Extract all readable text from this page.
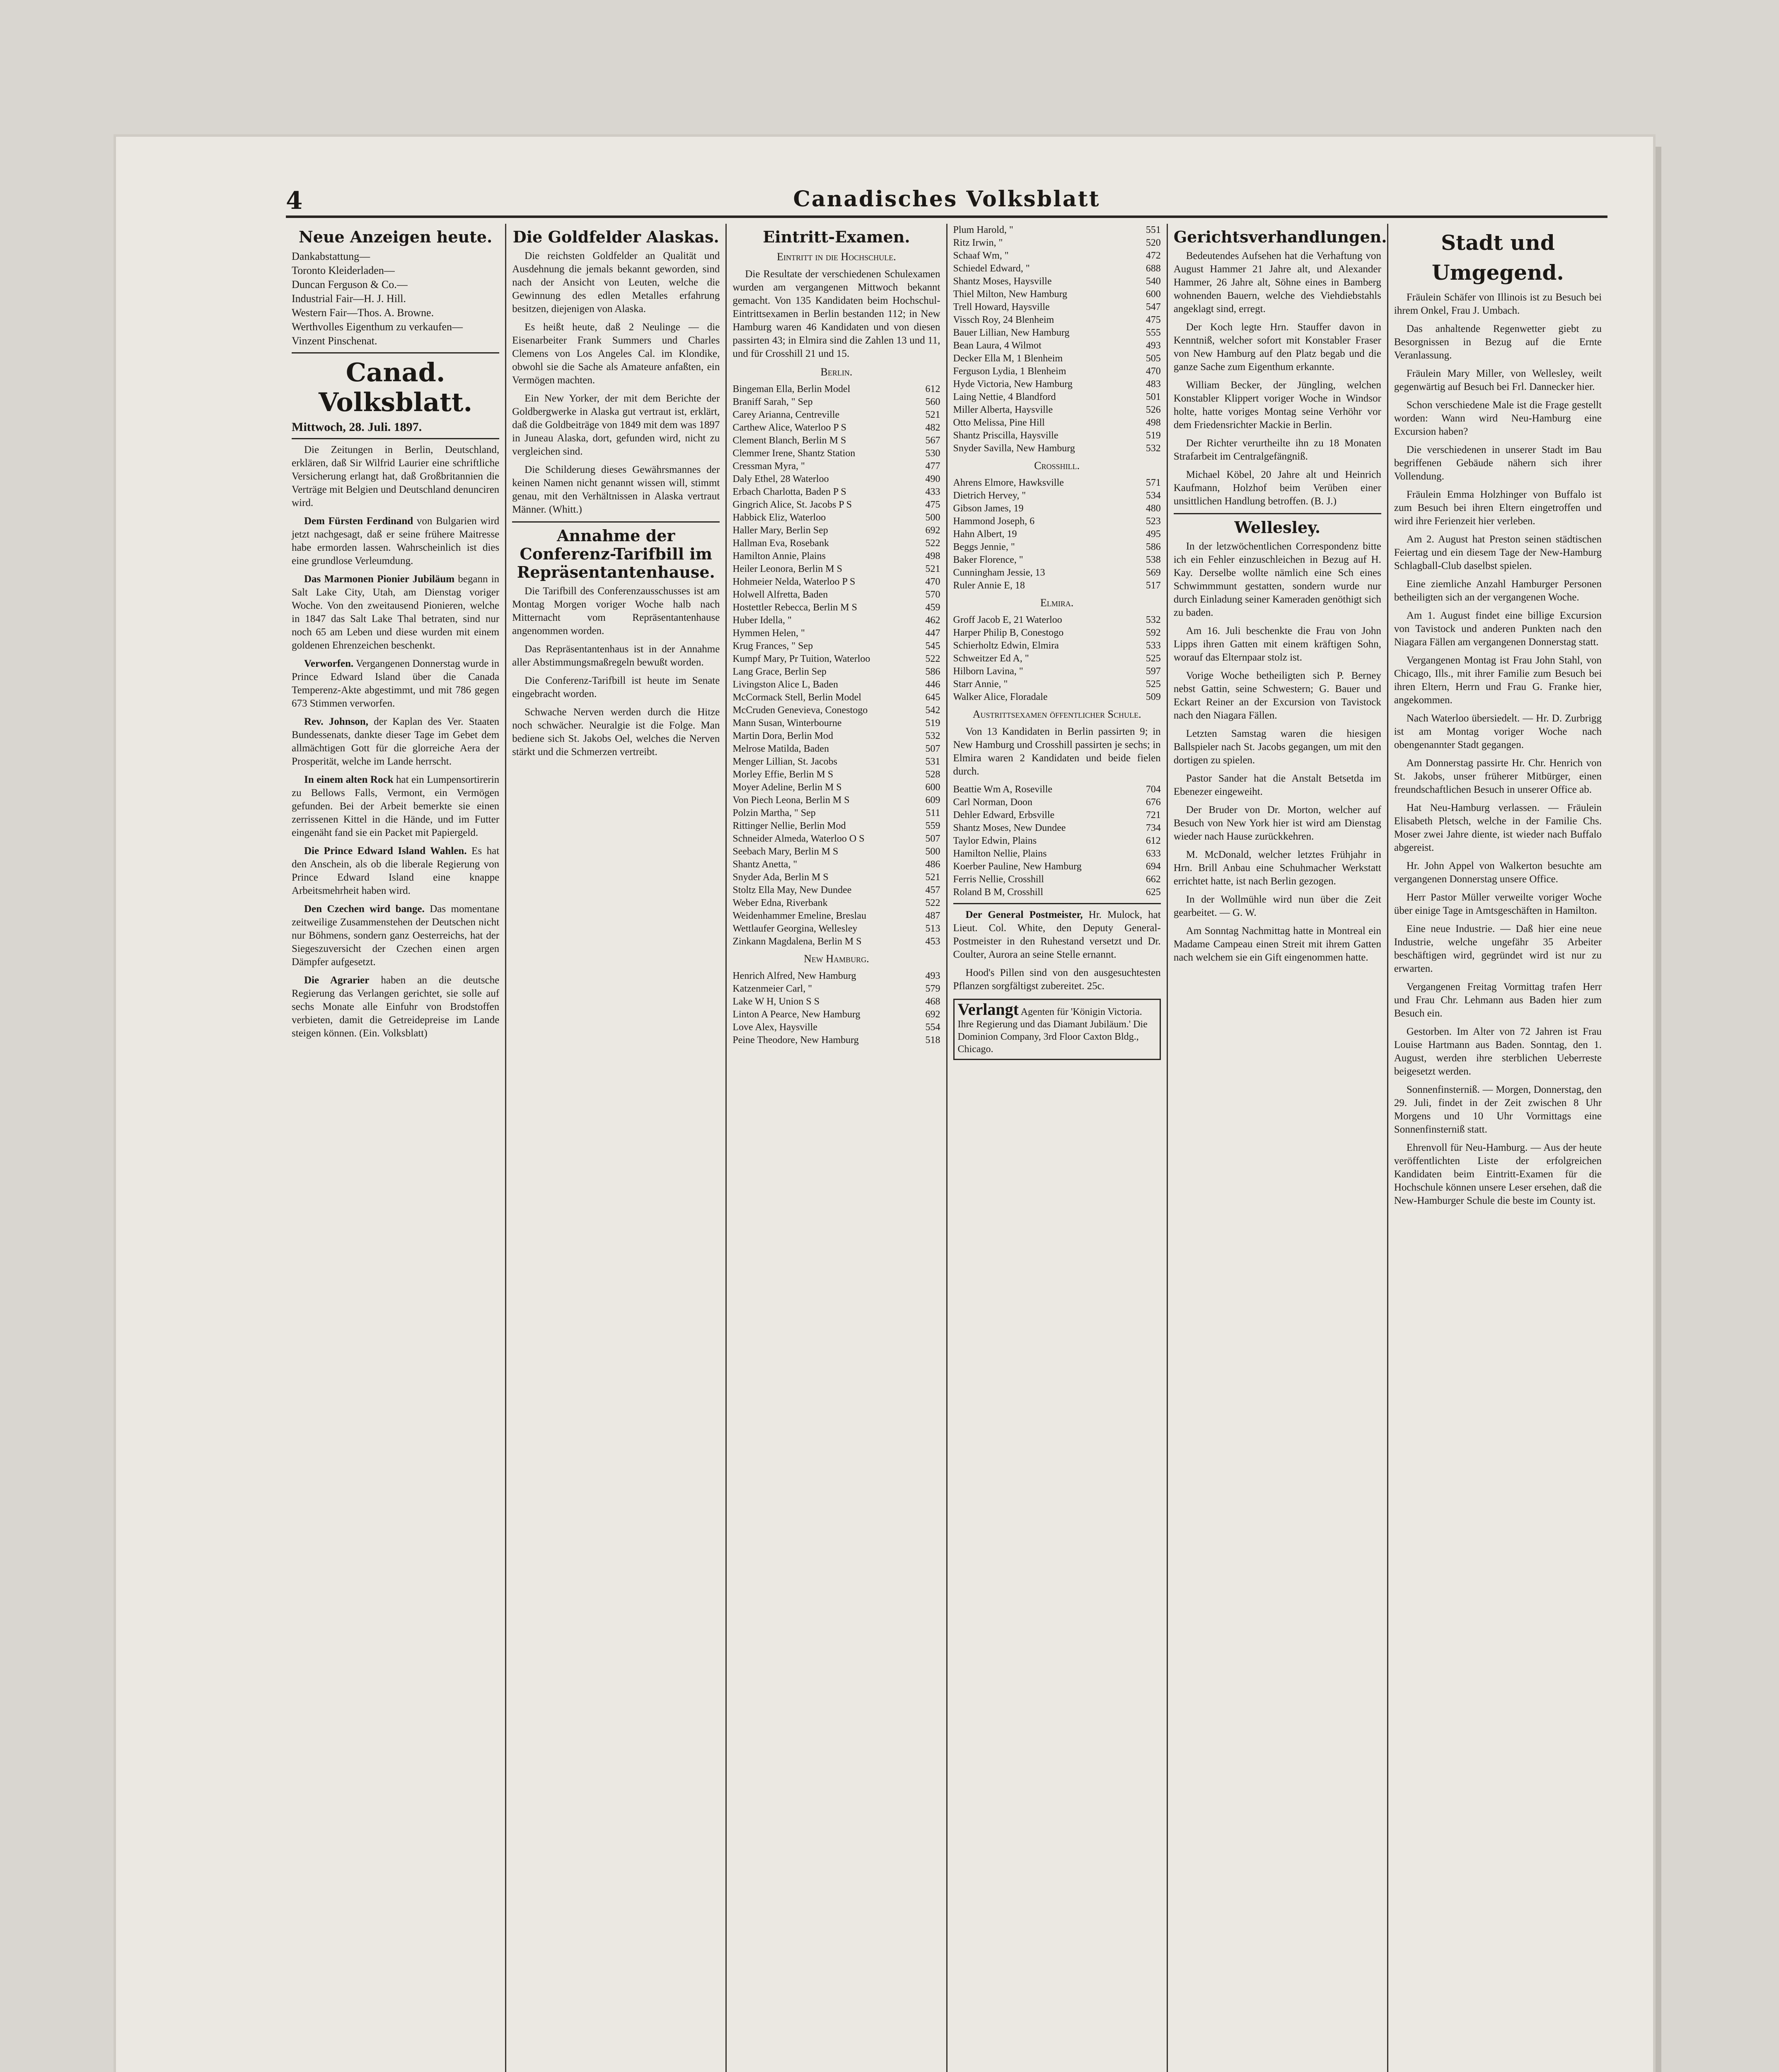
4	Canadisches Volksblatt
Neue Anzeigen heute.
Dankabstattung—
Toronto Kleiderladen—
Duncan Ferguson & Co.—
Industrial Fair—H. J. Hill.
Western Fair—Thos. A. Browne.
Werthvolles Eigenthum zu verkaufen—
Vinzent Pinschenat.
Canad. Volksblatt.
Mittwoch, 28. Juli. 1897.

Die Zeitungen in Berlin, Deutschland, erklären, daß Sir Wilfrid Laurier eine schriftliche Versicherung erlangt hat, daß Großbritannien die Verträge mit Belgien und Deutschland denunciren wird.

Dem Fürsten Ferdinand von Bulgarien wird jetzt nachgesagt, daß er seine frühere Maitresse habe ermorden lassen. Wahrscheinlich ist dies eine grundlose Verleumdung.

Das Marmonen Pionier Jubiläum begann in Salt Lake City, Utah, am Dienstag voriger Woche. Von den zweitausend Pionieren, welche in 1847 das Salt Lake Thal betraten, sind nur noch 65 am Leben und diese wurden mit einem goldenen Ehrenzeichen beschenkt.

Verworfen. Vergangenen Donnerstag wurde in Prince Edward Island über die Canada Temperenz-Akte abgestimmt, und mit 786 gegen 673 Stimmen verworfen.

Rev. Johnson, der Kaplan des Ver. Staaten Bundessenats, dankte dieser Tage im Gebet dem allmächtigen Gott für die glorreiche Aera der Prosperität, welche im Lande herrscht.

In einem alten Rock hat ein Lumpensortirerin zu Bellows Falls, Vermont, ein Vermögen gefunden. Bei der Arbeit bemerkte sie einen zerrissenen Kittel in die Hände, und im Futter eingenäht fand sie ein Packet mit Papiergeld.

Die Prince Edward Island Wahlen. Es hat den Anschein, als ob die liberale Regierung von Prince Edward Island eine knappe Arbeitsmehrheit haben wird.

Den Czechen wird bange. Das momentane zeitweilige Zusammenstehen der Deutschen nicht nur Böhmens, sondern ganz Oesterreichs, hat der Siegeszuversicht der Czechen einen argen Dämpfer aufgesetzt.

Die Agrarier haben an die deutsche Regierung das Verlangen gerichtet, sie solle auf sechs Monate alle Einfuhr von Brodstoffen verbieten, damit die Getreidepreise im Lande steigen können. (Ein. Volksblatt)

Die Goldfelder Alaskas.

Die reichsten Goldfelder an Qualität und Ausdehnung die jemals bekannt geworden, sind nach der Ansicht von Leuten, welche die Gewinnung des edlen Metalles erfahrung besitzen, diejenigen von Alaska.

Es heißt heute, daß 2 Neulinge — die Eisenarbeiter Frank Summers und Charles Clemens von Los Angeles Cal. im Klondike, obwohl sie die Sache als Amateure anfaßten, ein Vermögen machten.

Ein New Yorker, der mit dem Berichte der Goldbergwerke in Alaska gut vertraut ist, erklärt, daß die Goldbeiträge von 1849 mit dem was 1897 in Juneau Alaska, dort, gefunden wird, nicht zu vergleichen sind.

Die Schilderung dieses Gewährsmannes der keinen Namen nicht genannt wissen will, stimmt genau, mit den Verhältnissen in Alaska vertraut Männer. (Whitt.)

Annahme der Conferenz-Tarifbill im Repräsentantenhause.

Die Tarifbill des Conferenzausschusses ist am Montag Morgen voriger Woche halb nach Mitternacht vom Repräsentantenhause angenommen worden.

Das Repräsentantenhaus ist in der Annahme aller Abstimmungsmaßregeln bewußt worden.

Die Conferenz-Tarifbill ist heute im Senate eingebracht worden.

Schwache Nerven werden durch die Hitze noch schwächer. Neuralgie ist die Folge. Man bediene sich St. Jakobs Oel, welches die Nerven stärkt und die Schmerzen vertreibt.

Eintritt-Examen.
Eintritt in die Hochschule.

Die Resultate der verschiedenen Schulexamen wurden am vergangenen Mittwoch bekannt gemacht. Von 135 Kandidaten beim Hochschul-Eintrittsexamen in Berlin bestanden 112; in New Hamburg waren 46 Kandidaten und von diesen passirten 43; in Elmira sind die Zahlen 13 und 11, und für Crosshill 21 und 15.

Berlin.
Bingeman Ella, Berlin Model	612
Braniff Sarah, " Sep	560
Carey Arianna, Centreville	521
Carthew Alice, Waterloo P S	482
Clement Blanch, Berlin M S	567
Clemmer Irene, Shantz Station	530
Cressman Myra, "	477
Daly Ethel, 28 Waterloo	490
Erbach Charlotta, Baden P S	433
Gingrich Alice, St. Jacobs P S	475
Habbick Eliz, Waterloo	500
Haller Mary, Berlin Sep	692
Hallman Eva, Rosebank	522
Hamilton Annie, Plains	498
Heiler Leonora, Berlin M S	521
Hohmeier Nelda, Waterloo P S	470
Holwell Alfretta, Baden	570
Hostettler Rebecca, Berlin M S	459
Huber Idella, "	462
Hymmen Helen, "	447
Krug Frances, " Sep	545
Kumpf Mary, Pr Tuition, Waterloo	522
Lang Grace, Berlin Sep	586
Livingston Alice L, Baden	446
McCormack Stell, Berlin Model	645
McCruden Genevieva, Conestogo	542
Mann Susan, Winterbourne	519
Martin Dora, Berlin Mod	532
Melrose Matilda, Baden	507
Menger Lillian, St. Jacobs	531
Morley Effie, Berlin M S	528
Moyer Adeline, Berlin M S	600
Von Piech Leona, Berlin M S	609
Polzin Martha, " Sep	511
Rittinger Nellie, Berlin Mod	559
Schneider Almeda, Waterloo O S	507
Seebach Mary, Berlin M S	500
Shantz Anetta, "	486
Snyder Ada, Berlin M S	521
Stoltz Ella May, New Dundee	457
Weber Edna, Riverbank	522
Weidenhammer Emeline, Breslau	487
Wettlaufer Georgina, Wellesley	513
Zinkann Magdalena, Berlin M S	453
New Hamburg.
Henrich Alfred, New Hamburg	493
Katzenmeier Carl, "	579
Lake W H, Union S S	468
Linton A Pearce, New Hamburg	692
Love Alex, Haysville	554
Peine Theodore, New Hamburg	518
Plum Harold, "	551
Ritz Irwin, "	520
Schaaf Wm, "	472
Schiedel Edward, "	688
Shantz Moses, Haysville	540
Thiel Milton, New Hamburg	600
Trell Howard, Haysville	547
Vissch Roy, 24 Blenheim	475
Bauer Lillian, New Hamburg	555
Bean Laura, 4 Wilmot	493
Decker Ella M, 1 Blenheim	505
Ferguson Lydia, 1 Blenheim	470
Hyde Victoria, New Hamburg	483
Laing Nettie, 4 Blandford	501
Miller Alberta, Haysville	526
Otto Melissa, Pine Hill	498
Shantz Priscilla, Haysville	519
Snyder Savilla, New Hamburg	532
Crosshill.
Ahrens Elmore, Hawksville	571
Dietrich Hervey, "	534
Gibson James, 19	480
Hammond Joseph, 6	523
Hahn Albert, 19	495
Beggs Jennie, "	586
Baker Florence, "	538
Cunningham Jessie, 13	569
Ruler Annie E, 18	517
Elmira.
Groff Jacob E, 21 Waterloo	532
Harper Philip B, Conestogo	592
Schierholtz Edwin, Elmira	533
Schweitzer Ed A, "	525
Hilborn Lavina, "	597
Starr Annie, "	525
Walker Alice, Floradale	509
Austrittsexamen öffentlicher Schule.

Von 13 Kandidaten in Berlin passirten 9; in New Hamburg und Crosshill passirten je sechs; in Elmira waren 2 Kandidaten und beide fielen durch.

Beattie Wm A, Roseville	704
Carl Norman, Doon	676
Dehler Edward, Erbsville	721
Shantz Moses, New Dundee	734
Taylor Edwin, Plains	612
Hamilton Nellie, Plains	633
Koerber Pauline, New Hamburg	694
Ferris Nellie, Crosshill	662
Roland B M, Crosshill	625

Der General Postmeister, Hr. Mulock, hat Lieut. Col. White, den Deputy General-Postmeister in den Ruhestand versetzt und Dr. Coulter, Aurora an seine Stelle ernannt.

Hood's Pillen sind von den ausgesuchtesten Pflanzen sorgfältigst zubereitet. 25c.

Verlangt Agenten für 'Königin Victoria. Ihre Regierung und das Diamant Jubiläum.' Die Dominion Company, 3rd Floor Caxton Bldg., Chicago.
Gerichtsverhandlungen.

Bedeutendes Aufsehen hat die Verhaftung von August Hammer 21 Jahre alt, und Alexander Hammer, 26 Jahre alt, Söhne eines in Bamberg wohnenden Bauern, welche des Viehdiebstahls angeklagt sind, erregt.

Der Koch legte Hrn. Stauffer davon in Kenntniß, welcher sofort mit Konstabler Fraser von New Hamburg auf den Platz begab und die ganze Sache zum Eigenthum erkannte.

William Becker, der Jüngling, welchen Konstabler Klippert voriger Woche in Windsor holte, hatte voriges Montag seine Verhöhr vor dem Friedensrichter Mackie in Berlin.

Der Richter verurtheilte ihn zu 18 Monaten Strafarbeit im Centralgefängniß.

Michael Köbel, 20 Jahre alt und Heinrich Kaufmann, Holzhof beim Verüben einer unsittlichen Handlung betroffen. (B. J.)

Wellesley.

In der letzwöchentlichen Correspondenz bitte ich ein Fehler einzuschleichen in Bezug auf H. Kay. Derselbe wollte nämlich eine Sch eines Schwimmmunt gestatten, sondern wurde nur durch Einladung seiner Kameraden genöthigt sich zu baden.

Am 16. Juli beschenkte die Frau von John Lipps ihren Gatten mit einem kräftigen Sohn, worauf das Elternpaar stolz ist.

Vorige Woche betheiligten sich P. Berney nebst Gattin, seine Schwestern; G. Bauer und Eckart Reiner an der Excursion von Tavistock nach den Niagara Fällen.

Letzten Samstag waren die hiesigen Ballspieler nach St. Jacobs gegangen, um mit den dortigen zu spielen.

Pastor Sander hat die Anstalt Betsetda im Ebenezer eingeweiht.

Der Bruder von Dr. Morton, welcher auf Besuch von New York hier ist wird am Dienstag wieder nach Hause zurückkehren.

M. McDonald, welcher letztes Frühjahr in Hrn. Brill Anbau eine Schuhmacher Werkstatt errichtet hatte, ist nach Berlin gezogen.

In der Wollmühle wird nun über die Zeit gearbeitet. — G. W.

Am Sonntag Nachmittag hatte in Montreal ein Madame Campeau einen Streit mit ihrem Gatten nach welchem sie ein Gift eingenommen hatte.

Stadt und Umgegend.

Fräulein Schäfer von Illinois ist zu Besuch bei ihrem Onkel, Frau J. Umbach.

Das anhaltende Regenwetter giebt zu Besorgnissen in Bezug auf die Ernte Veranlassung.

Fräulein Mary Miller, von Wellesley, weilt gegenwärtig auf Besuch bei Frl. Dannecker hier.

Schon verschiedene Male ist die Frage gestellt worden: Wann wird Neu-Hamburg eine Excursion haben?

Die verschiedenen in unserer Stadt im Bau begriffenen Gebäude nähern sich ihrer Vollendung.

Fräulein Emma Holzhinger von Buffalo ist zum Besuch bei ihren Eltern eingetroffen und wird ihre Ferienzeit hier verleben.

Am 2. August hat Preston seinen städtischen Feiertag und ein diesem Tage der New-Hamburg Schlagball-Club daselbst spielen.

Eine ziemliche Anzahl Hamburger Personen betheiligten sich an der vergangenen Woche.

Am 1. August findet eine billige Excursion von Tavistock und anderen Punkten nach den Niagara Fällen am vergangenen Donnerstag statt.

Vergangenen Montag ist Frau John Stahl, von Chicago, Ills., mit ihrer Familie zum Besuch bei ihren Eltern, Herrn und Frau G. Franke hier, angekommen.

Nach Waterloo übersiedelt. — Hr. D. Zurbrigg ist am Montag voriger Woche nach obengenannter Stadt gegangen.

Am Donnerstag passirte Hr. Chr. Henrich von St. Jakobs, unser früherer Mitbürger, einen freundschaftlichen Besuch in unserer Office ab.

Hat Neu-Hamburg verlassen. — Fräulein Elisabeth Pletsch, welche in der Familie Chs. Moser zwei Jahre diente, ist wieder nach Buffalo abgereist.

Hr. John Appel von Walkerton besuchte am vergangenen Donnerstag unsere Office.

Herr Pastor Müller verweilte voriger Woche über einige Tage in Amtsgeschäften in Hamilton.

Eine neue Industrie. — Daß hier eine neue Industrie, welche ungefähr 35 Arbeiter beschäftigen wird, gegründet wird ist nur zu erwarten.

Vergangenen Freitag Vormittag trafen Herr und Frau Chr. Lehmann aus Baden hier zum Besuch ein.

Gestorben. Im Alter von 72 Jahren ist Frau Louise Hartmann aus Baden. Sonntag, den 1. August, werden ihre sterblichen Ueberreste beigesetzt werden.

Sonnenfinsterniß. — Morgen, Donnerstag, den 29. Juli, findet in der Zeit zwischen 8 Uhr Morgens und 10 Uhr Vormittags eine Sonnenfinsterniß statt.

Ehrenvoll für Neu-Hamburg. — Aus der heute veröffentlichten Liste der erfolgreichen Kandidaten beim Eintritt-Examen für die Hochschule können unsere Leser ersehen, daß die New-Hamburger Schule die beste im County ist.
